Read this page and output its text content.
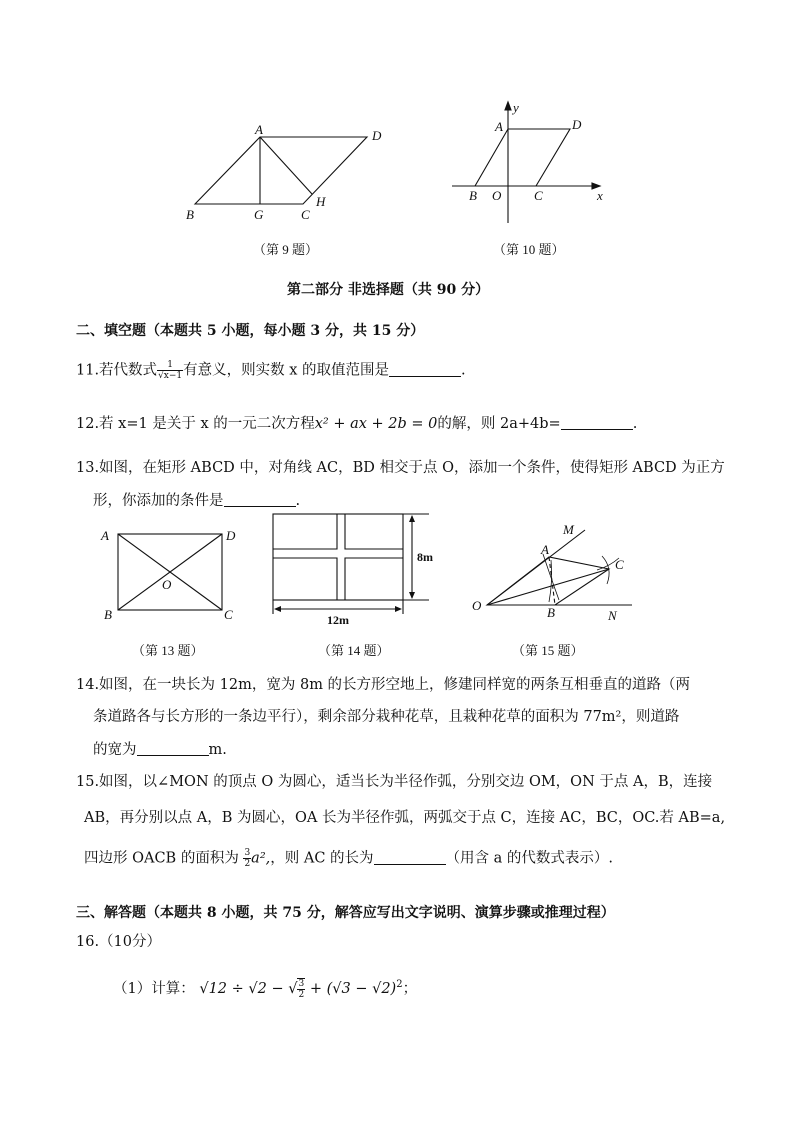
A	D
B	G	C
H
（第 9 题）
y
A	D
B O	C	x
（第 10 题）
第二部分 非选择题（共 90 分）
二、填空题（本题共 5 小题，每小题 3 分，共 15 分）
11.若代数式 $\frac{1}{√x-1}$ 有意义，则实数 x 的取值范围是	.
12.若 x=1 是关于 x 的一元二次方程x² + ax + 2b = 0的解，则 2a+4b=	.
13.如图，在矩形 ABCD 中，对角线 AC，BD 相交于点 O，添加一个条件，使得矩形 ABCD 为正方
形，你添加的条件是	.
A	D
O
B	C
（第 13 题）
8m
12m
（第 14 题）
M
A
C
O	B	N
（第 15 题）
14.如图，在一块长为 12m，宽为 8m 的长方形空地上，修建同样宽的两条互相垂直的道路（两
条道路各与长方形的一条边平行），剩余部分栽种花草，且栽种花草的面积为 77m²，则道路
的宽为	m.
15.如图，以∠MON 的顶点 O 为圆心，适当长为半径作弧，分别交边 OM，ON 于点 A，B，连接
AB，再分别以点 A，B 为圆心，OA 长为半径作弧，两弧交于点 C，连接 AC，BC，OC.若 AB=a,
四边形 OACB 的面积为 $\frac{3}{2} a^2$,，则 AC 的长为	（用含 a 的代数式表示）.
三、解答题（本题共 8 小题，共 75 分，解答应写出文字说明、演算步骤或推理过程）
16.（10分）
（1）计算： √12 ÷ √2 − √ $\frac{3}{2} + (√3 - √2)^2$；
